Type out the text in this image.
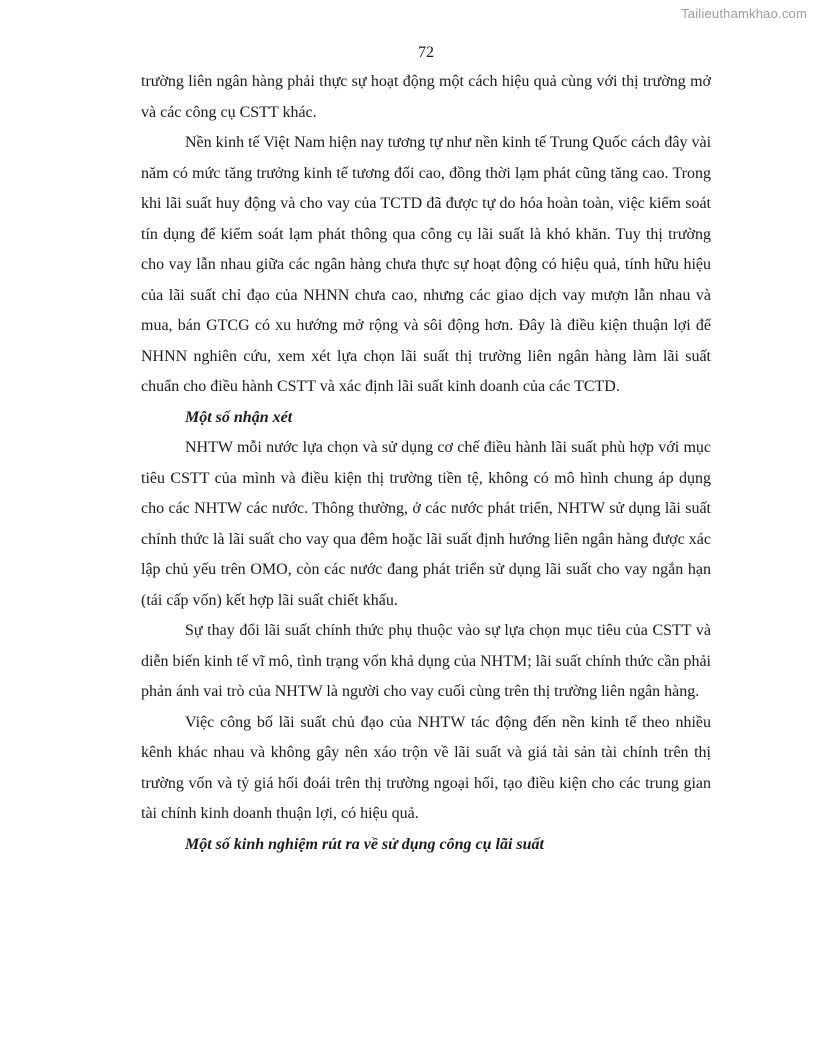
Tailieuthamkhao.com
72

trường liên ngân hàng phải thực sự hoạt động một cách hiệu quả cùng với thị trường mở và các công cụ CSTT khác.

Nền kinh tế Việt Nam hiện nay tương tự như nền kinh tế Trung Quốc cách đây vài năm có mức tăng trưởng kinh tế tương đối cao, đồng thời lạm phát cũng tăng cao. Trong khi lãi suất huy động và cho vay của TCTD đã được tự do hóa hoàn toàn, việc kiểm soát tín dụng để kiểm soát lạm phát thông qua công cụ lãi suất là khó khăn. Tuy thị trường cho vay lẫn nhau giữa các ngân hàng chưa thực sự hoạt động có hiệu quả, tính hữu hiệu của lãi suất chỉ đạo của NHNN chưa cao, nhưng các giao dịch vay mượn lẫn nhau và mua, bán GTCG có xu hướng mở rộng và sôi động hơn. Đây là điều kiện thuận lợi để NHNN nghiên cứu, xem xét lựa chọn lãi suất thị trường liên ngân hàng làm lãi suất chuẩn cho điều hành CSTT và xác định lãi suất kinh doanh của các TCTD.

Một số nhận xét

NHTW mỗi nước lựa chọn và sử dụng cơ chế điều hành lãi suất phù hợp với mục tiêu CSTT của mình và điều kiện thị trường tiền tệ, không có mô hình chung áp dụng cho các NHTW các nước. Thông thường, ở các nước phát triển, NHTW sử dụng lãi suất chính thức là lãi suất cho vay qua đêm hoặc lãi suất định hướng liên ngân hàng được xác lập chủ yếu trên OMO, còn các nước đang phát triển sử dụng lãi suất cho vay ngắn hạn (tái cấp vốn) kết hợp lãi suất chiết khấu.

Sự thay đổi lãi suất chính thức phụ thuộc vào sự lựa chọn mục tiêu của CSTT và diễn biến kinh tế vĩ mô, tình trạng vốn khả dụng của NHTM; lãi suất chính thức cần phải phản ánh vai trò của NHTW là người cho vay cuối cùng trên thị trường liên ngân hàng.

Việc công bố lãi suất chủ đạo của NHTW tác động đến nền kinh tế theo nhiều kênh khác nhau và không gây nên xáo trộn về lãi suất và giá tài sản tài chính trên thị trường vốn và tỷ giá hối đoái trên thị trường ngoại hối, tạo điều kiện cho các trung gian tài chính kinh doanh thuận lợi, có hiệu quả.

Một số kinh nghiệm rút ra về sử dụng công cụ lãi suất
